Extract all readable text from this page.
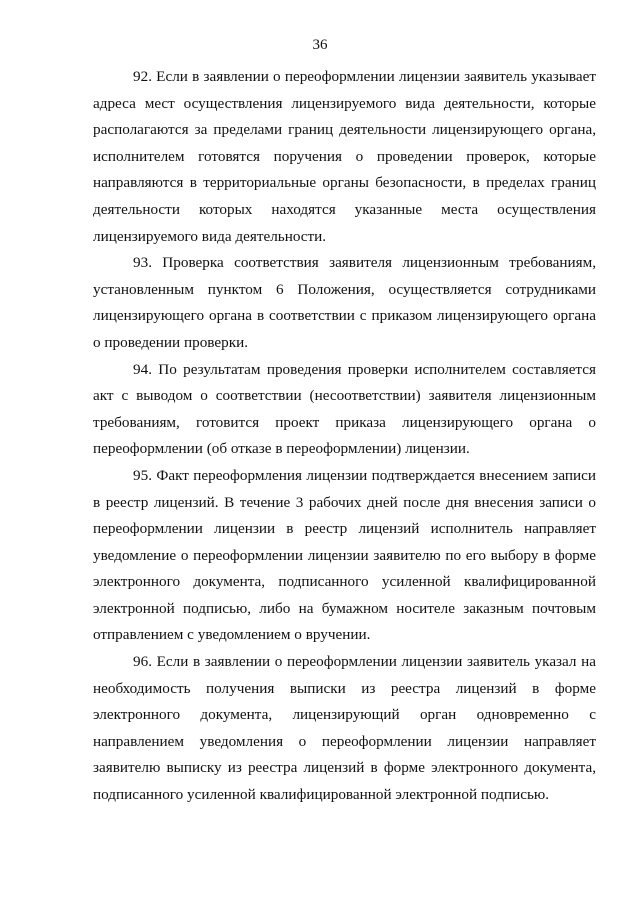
36

92. Если в заявлении о переоформлении лицензии заявитель указывает
адреса мест осуществления лицензируемого вида деятельности, которые
располагаются за пределами границ деятельности лицензирующего органа,
исполнителем готовятся поручения о проведении проверок, которые
направляются в территориальные органы безопасности, в пределах границ
деятельности которых находятся указанные места осуществления
лицензируемого вида деятельности.

93. Проверка соответствия заявителя лицензионным требованиям,
установленным пунктом 6 Положения, осуществляется сотрудниками
лицензирующего органа в соответствии с приказом лицензирующего органа
о проведении проверки.

94. По результатам проведения проверки исполнителем составляется
акт с выводом о соответствии (несоответствии) заявителя лицензионным
требованиям, готовится проект приказа лицензирующего органа о
переоформлении (об отказе в переоформлении) лицензии.

95. Факт переоформления лицензии подтверждается внесением записи
в реестр лицензий. В течение 3 рабочих дней после дня внесения записи о
переоформлении лицензии в реестр лицензий исполнитель направляет
уведомление о переоформлении лицензии заявителю по его выбору в форме
электронного документа, подписанного усиленной квалифицированной
электронной подписью, либо на бумажном носителе заказным почтовым
отправлением с уведомлением о вручении.

96. Если в заявлении о переоформлении лицензии заявитель указал на
необходимость получения выписки из реестра лицензий в форме
электронного документа, лицензирующий орган одновременно с
направлением уведомления о переоформлении лицензии направляет
заявителю выписку из реестра лицензий в форме электронного документа,
подписанного усиленной квалифицированной электронной подписью.
